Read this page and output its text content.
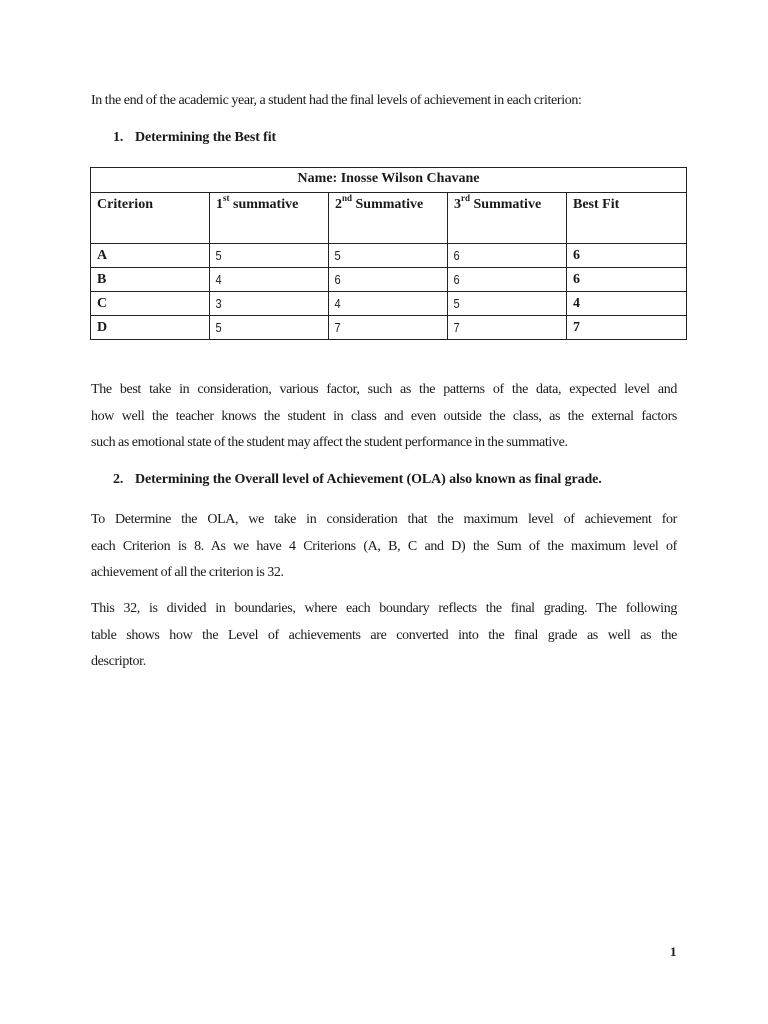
In the end of the academic year, a student had the final levels of achievement in each criterion:
1. Determining the Best fit
Name: Inosse Wilson Chavane				
Criterion	1st summative	2nd Summative	3rd Summative	Best Fit
A	5	5	6	6
B	4	6	6	6
C	3	4	5	4
D	5	7	7	7
The best take in consideration, various factor, such as the patterns of the data, expected level and
how well the teacher knows the student in class and even outside the class, as the external factors
such as emotional state of the student may affect the student performance in the summative.
2. Determining the Overall level of Achievement (OLA) also known as final grade.
To Determine the OLA, we take in consideration that the maximum level of achievement for
each Criterion is 8. As we have 4 Criterions (A, B, C and D) the Sum of the maximum level of
achievement of all the criterion is 32.
This 32, is divided in boundaries, where each boundary reflects the final grading. The following
table shows how the Level of achievements are converted into the final grade as well as the
descriptor.
1
